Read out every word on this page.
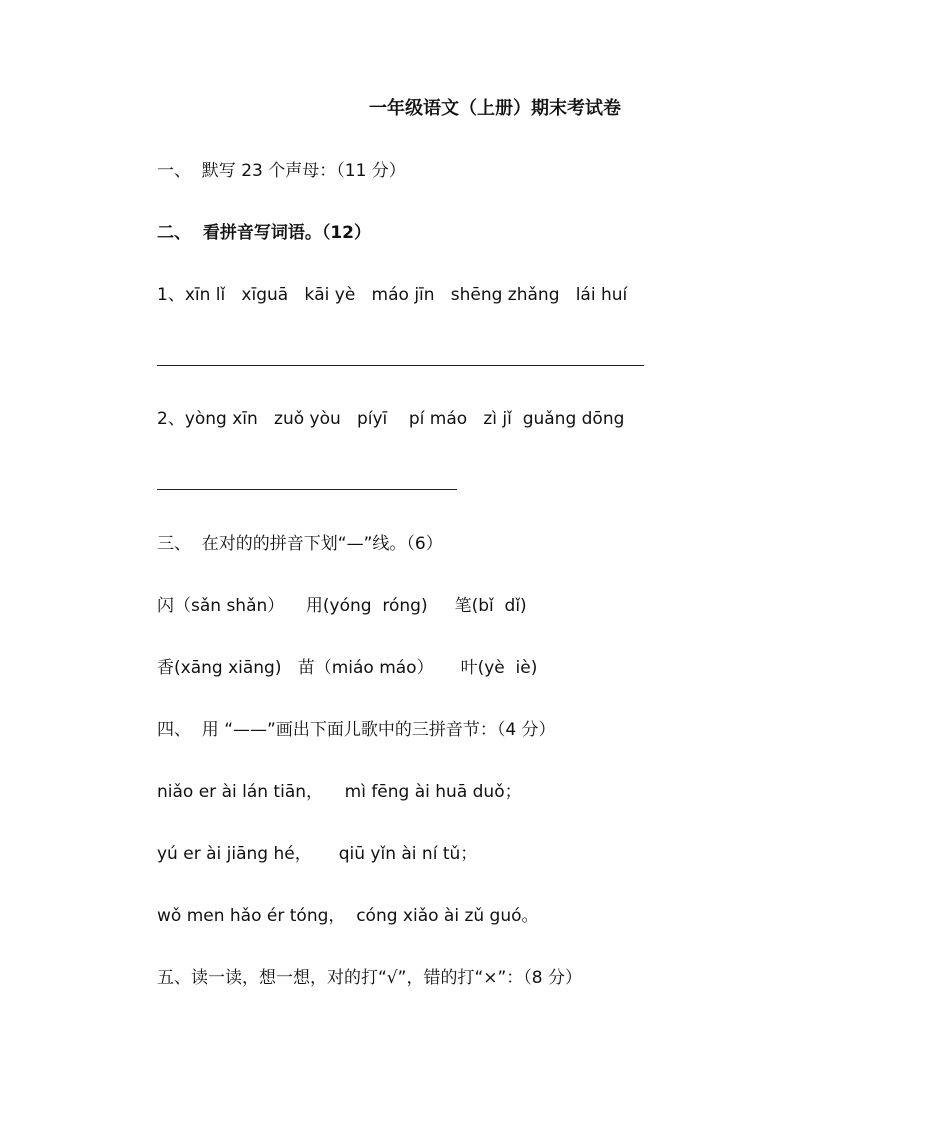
一年级语文（上册）期末考试卷
一、  默写 23 个声母：（11 分）
二、  看拼音写词语。（12）
1、xīn lǐ   xīguā   kāi yè   máo jīn   shēng zhǎng   lái huí
2、yòng xīn   zuǒ yòu   píyī    pí máo   zì jǐ  guǎng dōng
三、  在对的的拼音下划“—”线。（6）
闪（sǎn shǎn）    用(yóng  róng)     笔(bǐ  dǐ)
香(xāng xiāng)   苗（miáo máo）     叶(yè  iè)
四、  用 “——”画出下面儿歌中的三拼音节：（4 分）
niǎo er ài lán tiān，    mì fēng ài huā duǒ；
yú er ài jiāng hé，     qiū yǐn ài ní tǔ；
wǒ men hǎo ér tóng，  cóng xiǎo ài zǔ guó。
五、读一读，想一想，对的打“√”，错的打“×”：（8 分）
